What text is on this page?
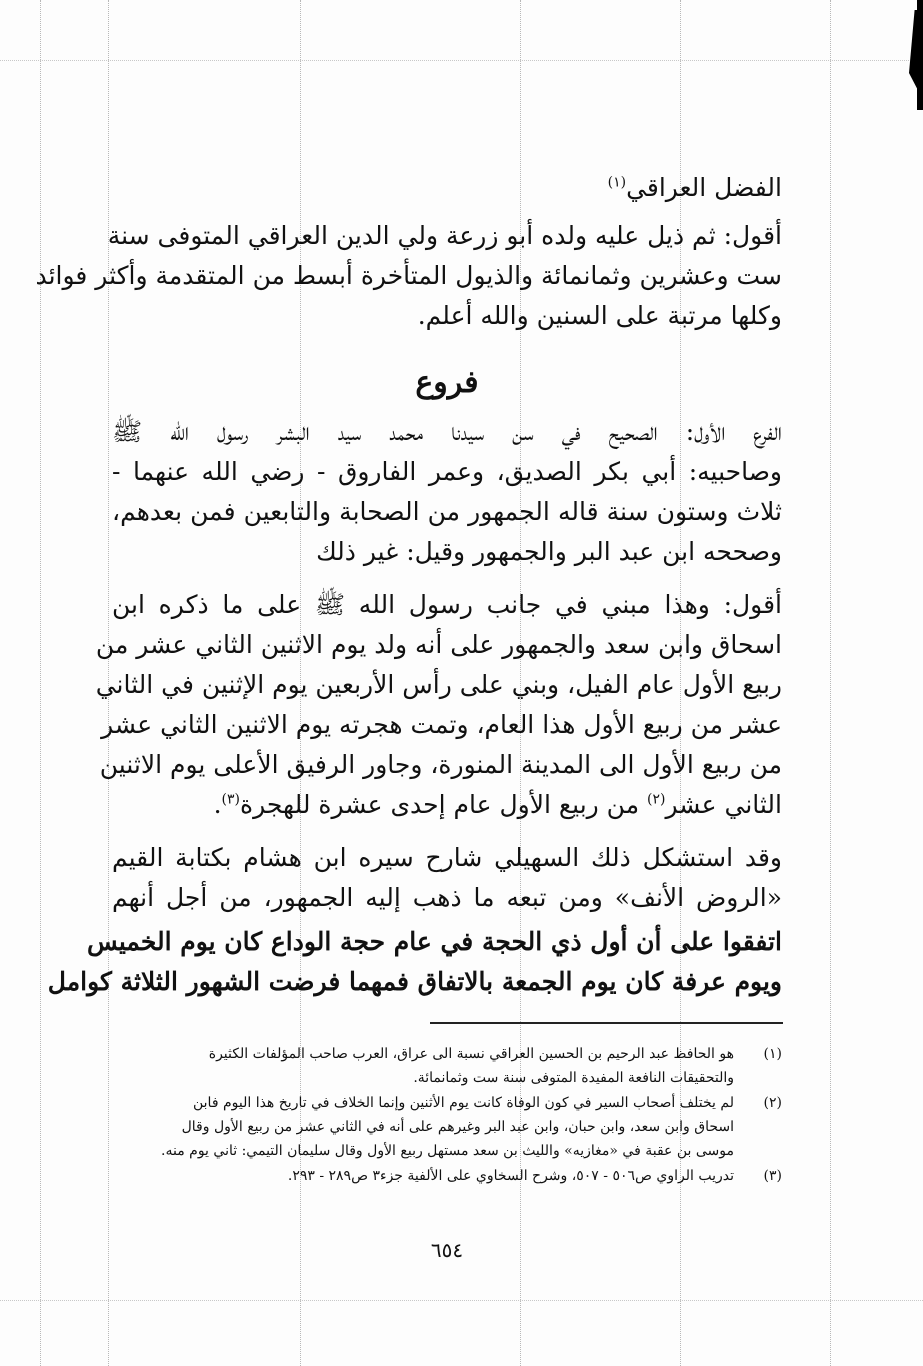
الفضل العراقي$^{(١)}$
أقول: ثم ذيل عليه ولده أبو زرعة ولي الدين العراقي المتوفى سنة
ست وعشرين وثمانمائة والذيول المتأخرة أبسط من المتقدمة وأكثر فوائد
وكلها مرتبة على السنين والله أعلم.
فروع
الفرع الأول: الصحيح في سن سيدنا محمد سيد البشر رسول الله ﷺ
وصاحبيه: أبي بكر الصديق، وعمر الفاروق - رضي الله عنهما -
ثلاث وستون سنة قاله الجمهور من الصحابة والتابعين فمن بعدهم،
وصححه ابن عبد البر والجمهور وقيل: غير ذلك
أقول: وهذا مبني في جانب رسول الله ﷺ على ما ذكره ابن
اسحاق وابن سعد والجمهور على أنه ولد يوم الاثنين الثاني عشر من
ربيع الأول عام الفيل، وبني على رأس الأربعين يوم الإثنين في الثاني
عشر من ربيع الأول هذا العام، وتمت هجرته يوم الاثنين الثاني عشر
من ربيع الأول الى المدينة المنورة، وجاور الرفيق الأعلى يوم الاثنين
الثاني عشر$^{(٢)}$ من ربيع الأول عام إحدى عشرة للهجرة$^{(٣)}$.
وقد استشكل ذلك السهيلي شارح سيره ابن هشام بكتابة القيم
«الروض الأنف» ومن تبعه ما ذهب إليه الجمهور، من أجل أنهم
اتفقوا على أن أول ذي الحجة في عام حجة الوداع كان يوم الخميس
ويوم عرفة كان يوم الجمعة بالاتفاق فمهما فرضت الشهور الثلاثة كوامل
(١)
هو الحافظ عبد الرحيم بن الحسين العراقي نسبة الى عراق، العرب صاحب المؤلفات الكثيرة
والتحقيقات النافعة المفيدة المتوفى سنة ست وثمانمائة.
(٢)
لم يختلف أصحاب السير في كون الوفاة كانت يوم الأثنين وإنما الخلاف في تاريخ هذا اليوم فابن
اسحاق وابن سعد، وابن حبان، وابن عبد البر وغيرهم على أنه في الثاني عشر من ربيع الأول وقال
موسى بن عقبة في «مغازيه» والليث بن سعد مستهل ربيع الأول وقال سليمان التيمي: ثاني يوم منه.
(٣)
تدريب الراوي ص٥٠٦ - ٥٠٧، وشرح السخاوي على الألفية جزء٣ ص٢٨٩ - ٢٩٣.
٦٥٤
